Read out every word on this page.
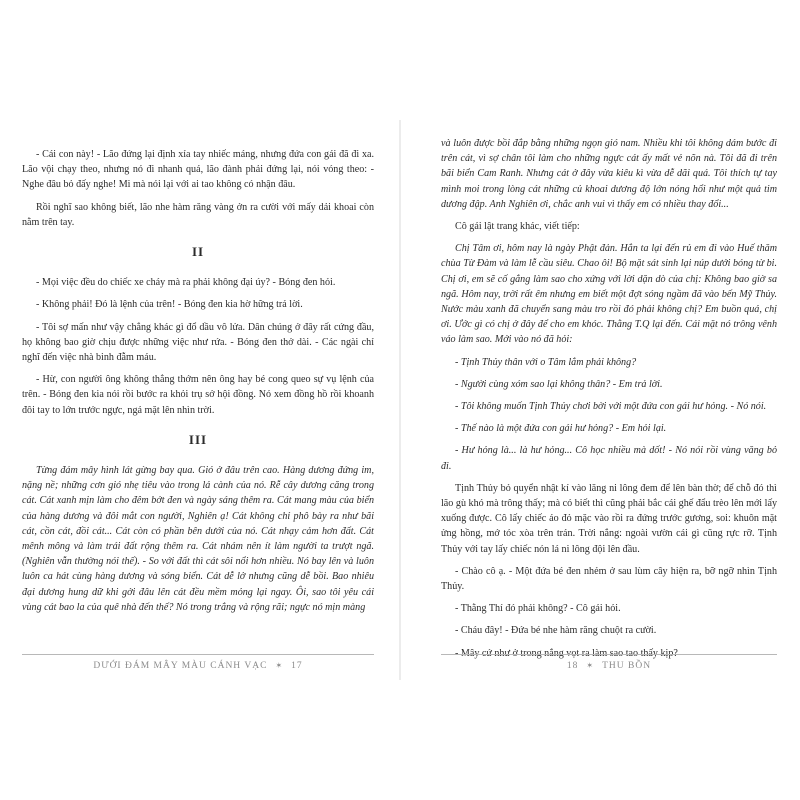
- Cái con này! - Lão đứng lại định xỉa tay nhiếc máng, nhưng đứa con gái đã đi xa. Lão vội chạy theo, nhưng nó đi nhanh quá, lão đành phải đứng lại, nói vóng theo: - Nghe đâu bỏ đấy nghe! Mi mà nói lại với ai tao không có nhận đâu.

Rồi nghĩ sao không biết, lão nhe hàm răng vàng ởn ra cười với mấy dải khoai còn nằm trên tay.

II

- Mọi việc đều do chiếc xe cháy mà ra phải không đại úy? - Bóng đen hỏi.

- Không phải! Đó là lệnh của trên! - Bóng đen kia hờ hững trả lời.

- Tôi sợ mấn như vậy chẳng khác gì đổ dầu vô lửa. Dân chúng ở đây rất cứng đầu, họ không bao giờ chịu được những việc như rứa. - Bóng đen thở dài. - Các ngài chỉ nghĩ đến việc nhà binh đẫm máu.

- Hừ, con người ông không thẳng thớm nên ông hay bé cong queo sự vụ lệnh của trên. - Bóng đen kia nói rồi bước ra khỏi trụ sở hội đồng. Nó xem đồng hồ rồi khoanh đôi tay to lớn trước ngực, ngả mặt lên nhìn trời.

III

Từng đám mây hình lát gừng bay qua. Gió ở đâu trên cao. Hàng dương đứng im, nặng nề; những cơn gió nhẹ tiêu vào trong lá cành của nó. Rễ cây dương căng trong cát. Cát xanh mịn làm cho đêm bớt đen và ngày sáng thêm ra. Cát mang màu của biển của hàng dương và đôi mắt con người, Nghiên ạ! Cát không chỉ phô bày ra như bãi cát, cồn cát, đồi cát... Cát còn có phần bên dưới của nó. Cát nhạy cảm hơn đất. Cát mênh mông và làm trái đất rộng thêm ra. Cát nhám nên ít làm người ta trượt ngã. (Nghiên vẫn thường nói thế). - So với đất thì cát sôi nổi hơn nhiều. Nó bay lên và luôn luôn ca hát cùng hàng dương và sóng biển. Cát dễ lở nhưng cũng dễ bồi. Bao nhiêu đại dương hung dữ khi gởi đâu lên cát đều mềm mỏng lại ngay. Ôi, sao tôi yêu cái vùng cát bao la của quê nhà đến thế? Nó trong trắng và rộng rãi; ngực nó mịn màng

DƯỚI ĐÁM MÂY MÀU CÁNH VẠC ✶ 17

và luôn được bồi đắp bằng những ngọn gió nam. Nhiều khi tôi không dám bước đi trên cát, vì sợ chân tôi làm cho những ngực cát ấy mất vẻ nõn nà. Tôi đã đi trên bãi biển Cam Ranh. Nhưng cát ở đây vừa kiêu kì vừa dễ dãi quá. Tôi thích tự tay mình moi trong lòng cát những củ khoai dương độ lớn nóng hổi như một quả tim dương đập. Anh Nghiên ơi, chắc anh vui vì thấy em có nhiều thay đổi...

Cô gái lật trang khác, viết tiếp:

Chị Tâm ơi, hôm nay là ngày Phật đản. Hắn ta lại đến rủ em đi vào Huế thăm chùa Từ Đàm và làm lễ cầu siêu. Chao ôi! Bộ mặt sát sinh lại núp dưới bóng từ bi. Chị ơi, em sẽ cố gắng làm sao cho xứng với lời dặn dò của chị: Không bao giờ sa ngã. Hôm nay, trời rất êm nhưng em biết một đợt sóng ngầm đã vào bến Mỹ Thủy. Nước màu xanh đã chuyển sang màu tro rồi đó phải không chị? Em buồn quá, chị ơi. Ước gì có chị ở đây để cho em khóc. Thằng T.Q lại đến. Cái mặt nó trông vênh váo làm sao. Mới vào nó đã hỏi:

- Tịnh Thủy thân với o Tâm lắm phải không?

- Người cùng xóm sao lại không thân? - Em trả lời.

- Tôi không muốn Tịnh Thủy chơi bời với một đứa con gái hư hỏng. - Nó nói.

- Thế nào là một đứa con gái hư hỏng? - Em hỏi lại.

- Hư hỏng là... là hư hỏng... Cô học nhiều mà dốt! - Nó nói rồi vùng văng bỏ đi.

Tịnh Thủy bỏ quyển nhật kí vào lăng ni lông đem để lên bàn thờ; để chỗ đó thì lão gù khó mà trông thấy; mà có biết thì cũng phải bắc cái ghế đẩu trèo lên mới lấy xuống được. Cô lấy chiếc áo đỏ mặc vào rồi ra đứng trước gương, soi: khuôn mặt ửng hồng, mớ tóc xòa trên trán. Trời nắng: ngoài vườn cái gì cũng rực rỡ. Tịnh Thủy với tay lấy chiếc nón lá ni lông đội lên đầu.

- Chào cô ạ. - Một đứa bé đen nhẻm ở sau lùm cây hiện ra, bỡ ngỡ nhìn Tịnh Thủy.

- Thằng Thí đó phải không? - Cô gái hỏi.

- Cháu đây! - Đứa bé nhe hàm răng chuột ra cười.

18 ✶ THU BỒN
